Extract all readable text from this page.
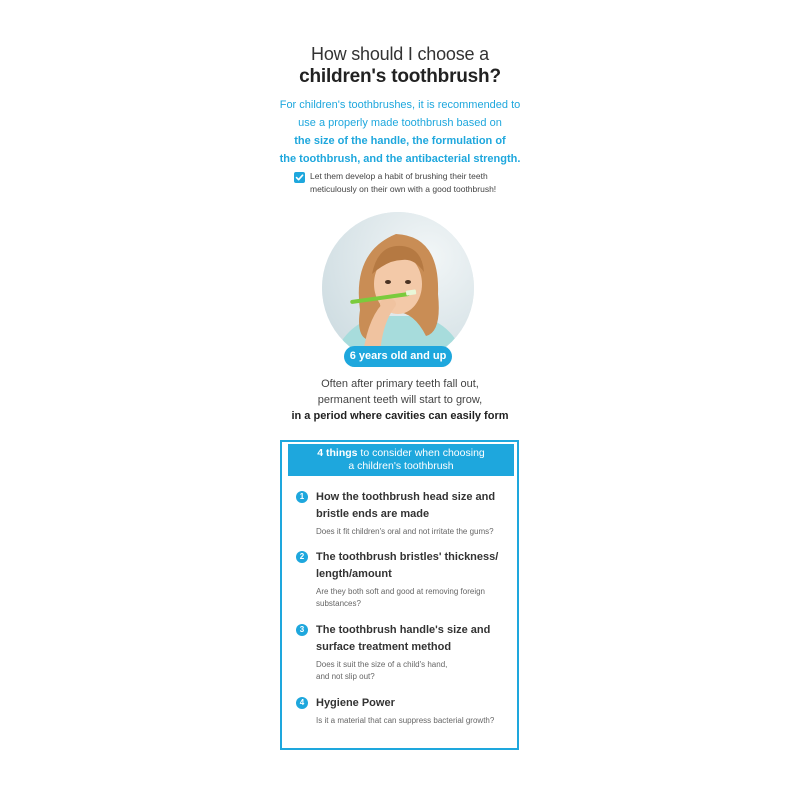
How should I choose a
children's toothbrush?
For children's toothbrushes, it is recommended to
use a properly made toothbrush based on
the size of the handle, the formulation of
the toothbrush, and the antibacterial strength.
Let them develop a habit of brushing their teeth
meticulously on their own with a good toothbrush!
6 years old and up
Often after primary teeth fall out,
permanent teeth will start to grow,
in a period where cavities can easily form
4 things to consider when choosing
a children's toothbrush
1	How the toothbrush head size and
bristle ends are made
Does it fit children's oral and not irritate the gums?
2	The toothbrush bristles' thickness/
length/amount
Are they both soft and good at removing foreign
substances?
3	The toothbrush handle's size and
surface treatment method
Does it suit the size of a child's hand,
and not slip out?
4	Hygiene Power
Is it a material that can suppress bacterial growth?
